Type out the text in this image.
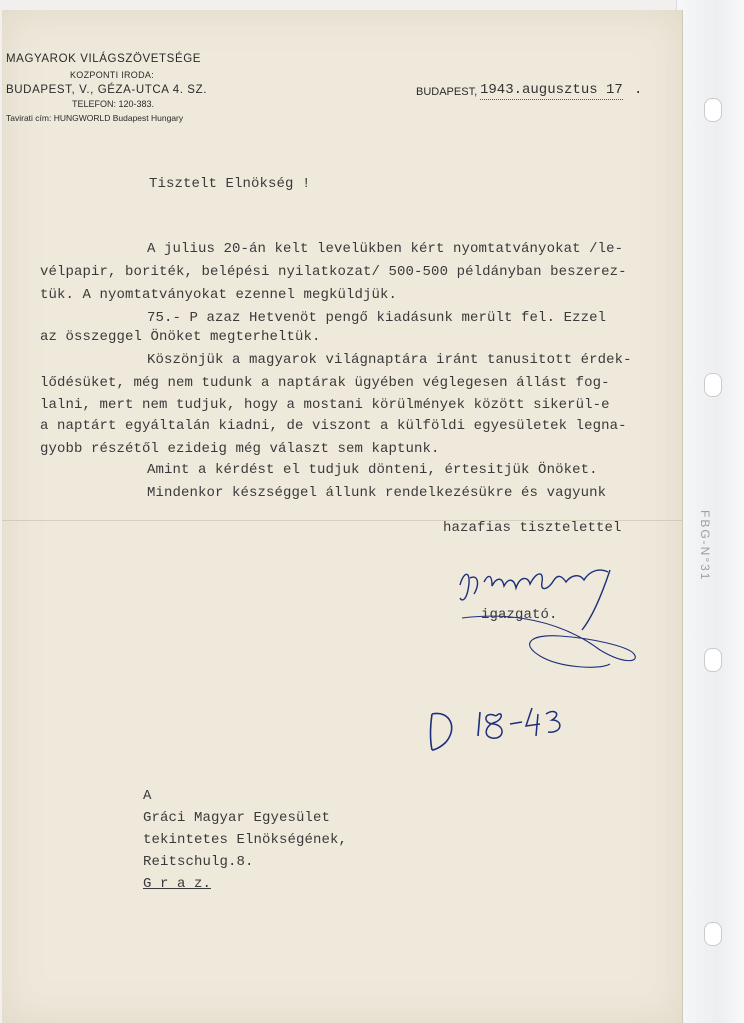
FBG-N°31
MAGYAROK VILÁGSZÖVETSÉGE
KOZPONTI IRODA:
BUDAPEST, V., GÉZA-UTCA 4. SZ.
TELEFON: 120-383.
Tavirati cím: HUNGWORLD Budapest Hungary
BUDAPEST, 1943.augusztus 17 .
Tisztelt Elnökség !
A julius 20-án kelt levelükben kért nyomtatványokat /le-
vélpapir, boriték, belépési nyilatkozat/ 500-500 példányban beszerez-
tük. A nyomtatványokat ezennel megküldjük.
75.- P azaz Hetvenöt pengő kiadásunk merült fel. Ezzel
az összeggel Önöket megterheltük.
Köszönjük a magyarok világnaptára iránt tanusitott érdek-
lődésüket, még nem tudunk a naptárak ügyében véglegesen állást fog-
lalni, mert nem tudjuk, hogy a mostani körülmények között sikerül-e
a naptárt egyáltalán kiadni, de viszont a külföldi egyesületek legna-
gyobb részétől ezideig még választ sem kaptunk.
Amint a kérdést el tudjuk dönteni, értesitjük Önöket.
Mindenkor készséggel állunk rendelkezésükre és vagyunk
hazafias tisztelettel
igazgató.
A
Gráci Magyar Egyesület
tekintetes Elnökségének,
Reitschulg.8.
G r a z.
